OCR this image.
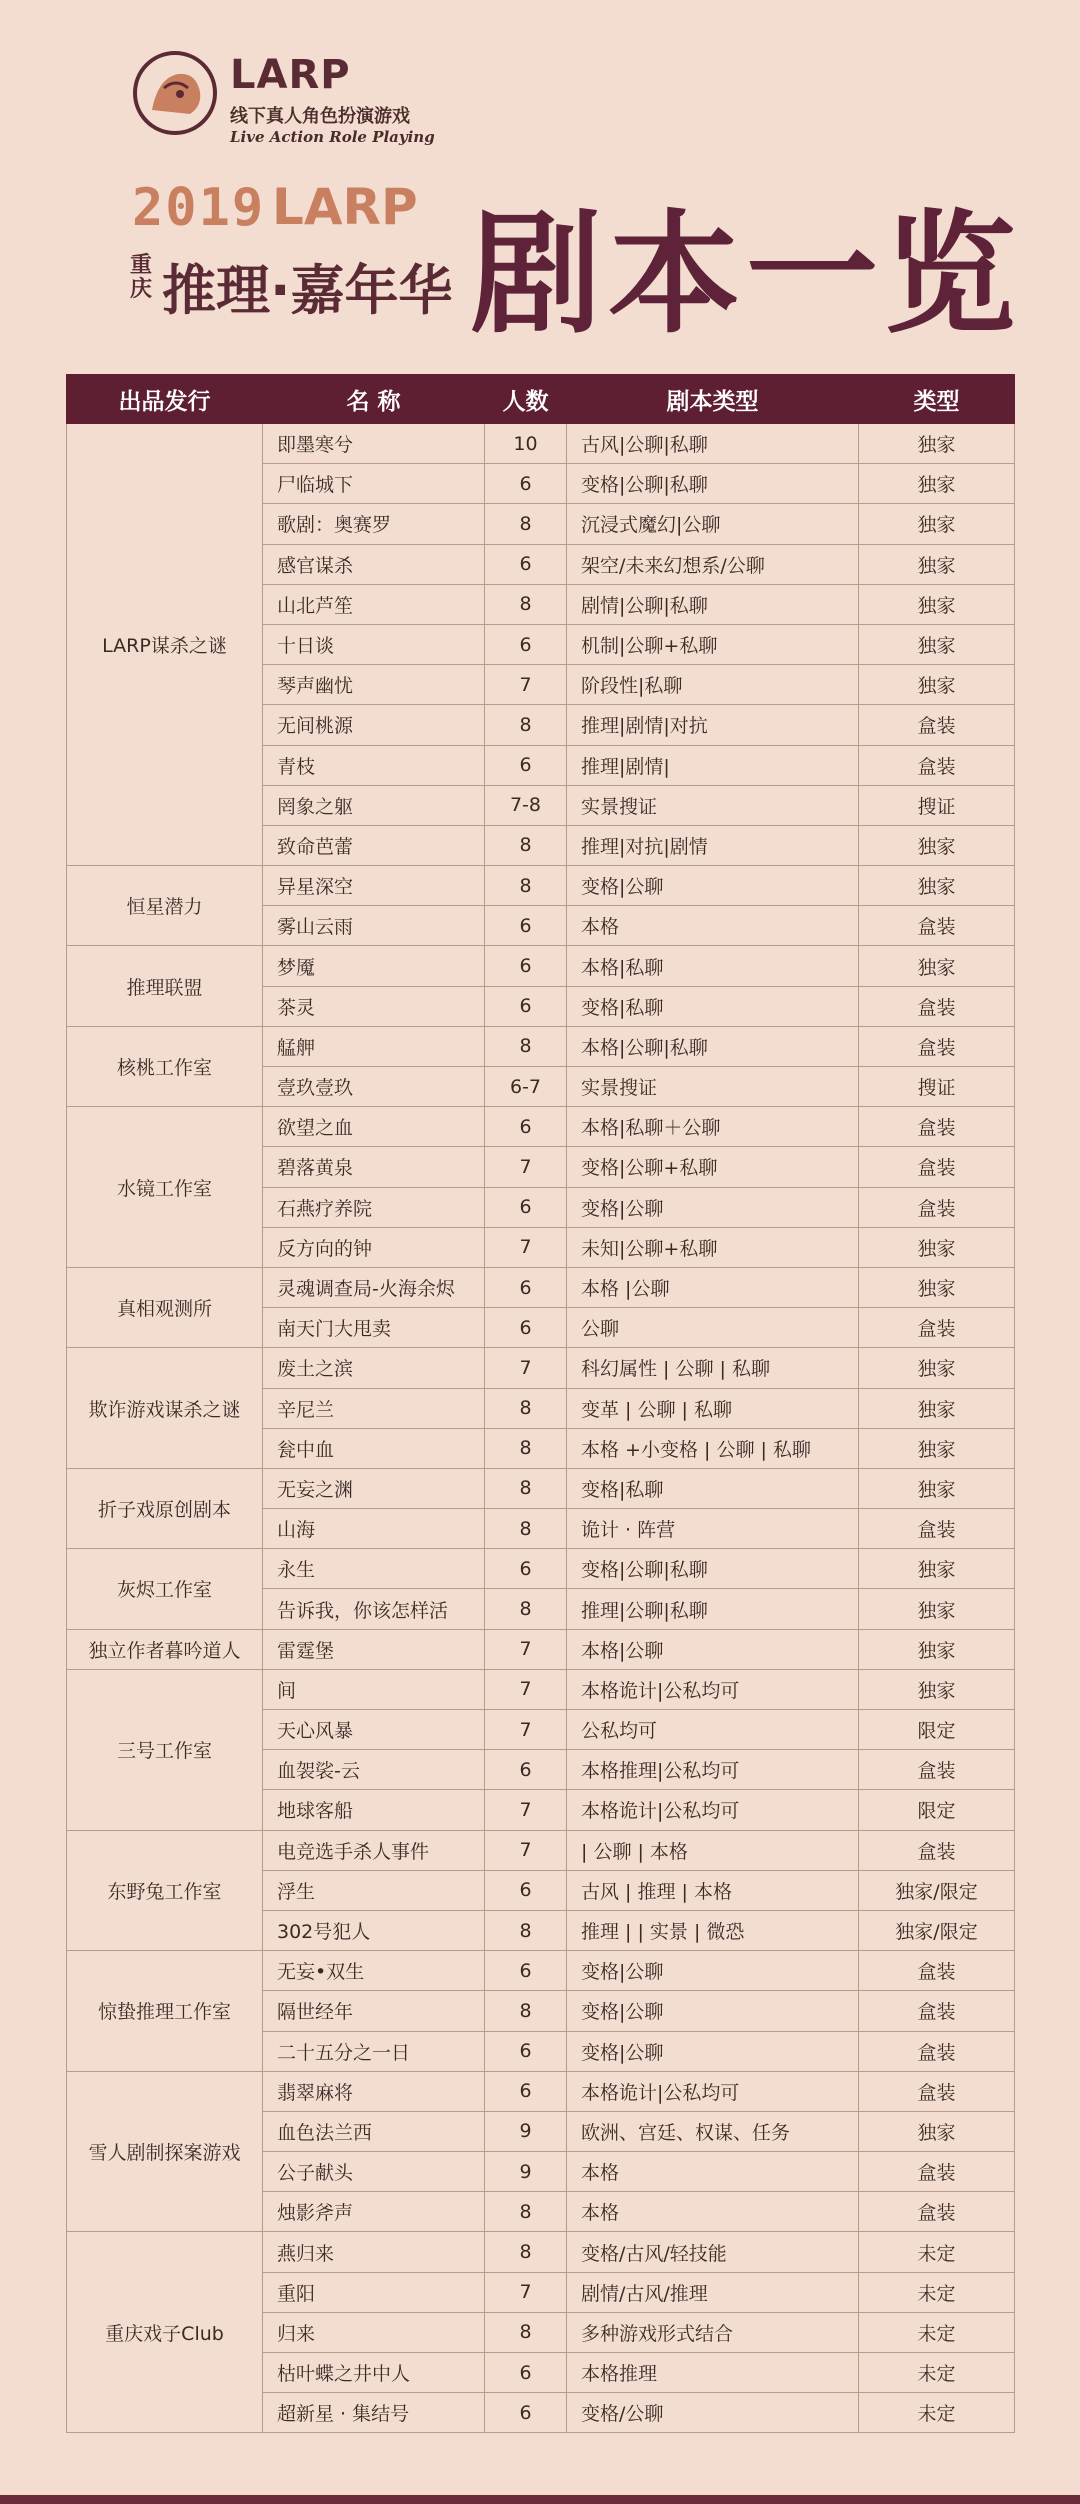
LARP
线下真人角色扮演游戏
Live Action Role Playing
2019 LARP
重庆 推理·嘉年华 剧本一览
出品发行	名 称	人数	剧本类型	类型
LARP谋杀之谜	即墨寒兮	10	古风|公聊|私聊	独家
	尸临城下	6	变格|公聊|私聊	独家
	歌剧：奥赛罗	8	沉浸式魔幻|公聊	独家
	感官谋杀	6	架空/未来幻想系/公聊	独家
	山北芦笙	8	剧情|公聊|私聊	独家
	十日谈	6	机制|公聊+私聊	独家
	琴声幽忧	7	阶段性|私聊	独家
	无间桃源	8	推理|剧情|对抗	盒装
	青枝	6	推理|剧情|	盒装
	罔象之躯	7-8	实景搜证	搜证
	致命芭蕾	8	推理|对抗|剧情	独家
恒星潜力	异星深空	8	变格|公聊	独家
	雾山云雨	6	本格	盒装
推理联盟	梦魇	6	本格|私聊	独家
	茶灵	6	变格|私聊	盒装
核桃工作室	艋舺	8	本格|公聊|私聊	盒装
	壹玖壹玖	6-7	实景搜证	搜证
水镜工作室	欲望之血	6	本格|私聊＋公聊	盒装
	碧落黄泉	7	变格|公聊+私聊	盒装
	石燕疗养院	6	变格|公聊	盒装
	反方向的钟	7	未知|公聊+私聊	独家
真相观测所	灵魂调查局-火海余烬	6	本格 |公聊	独家
	南天门大甩卖	6	公聊	盒装
欺诈游戏谋杀之谜	废土之滨	7	科幻属性 | 公聊 | 私聊	独家
	辛尼兰	8	变革 | 公聊 | 私聊	独家
	瓮中血	8	本格 +小变格 | 公聊 | 私聊	独家
折子戏原创剧本	无妄之渊	8	变格|私聊	独家
	山海	8	诡计 · 阵营	盒装
灰烬工作室	永生	6	变格|公聊|私聊	独家
	告诉我，你该怎样活	8	推理|公聊|私聊	独家
独立作者暮吟道人	雷霆堡	7	本格|公聊	独家
三号工作室	间	7	本格诡计|公私均可	独家
	天心风暴	7	公私均可	限定
	血袈裟-云	6	本格推理|公私均可	盒装
	地球客船	7	本格诡计|公私均可	限定
东野兔工作室	电竞选手杀人事件	7	| 公聊 | 本格	盒装
	浮生	6	古风 | 推理 | 本格	独家/限定
	302号犯人	8	推理 | | 实景 | 微恐	独家/限定
惊蛰推理工作室	无妄•双生	6	变格|公聊	盒装
	隔世经年	8	变格|公聊	盒装
	二十五分之一日	6	变格|公聊	盒装
雪人剧制探案游戏	翡翠麻将	6	本格诡计|公私均可	盒装
	血色法兰西	9	欧洲、宫廷、权谋、任务	独家
	公子献头	9	本格	盒装
	烛影斧声	8	本格	盒装
重庆戏子Club	燕归来	8	变格/古风/轻技能	未定
	重阳	7	剧情/古风/推理	未定
	归来	8	多种游戏形式结合	未定
	枯叶蝶之井中人	6	本格推理	未定
	超新星 · 集结号	6	变格/公聊	未定
